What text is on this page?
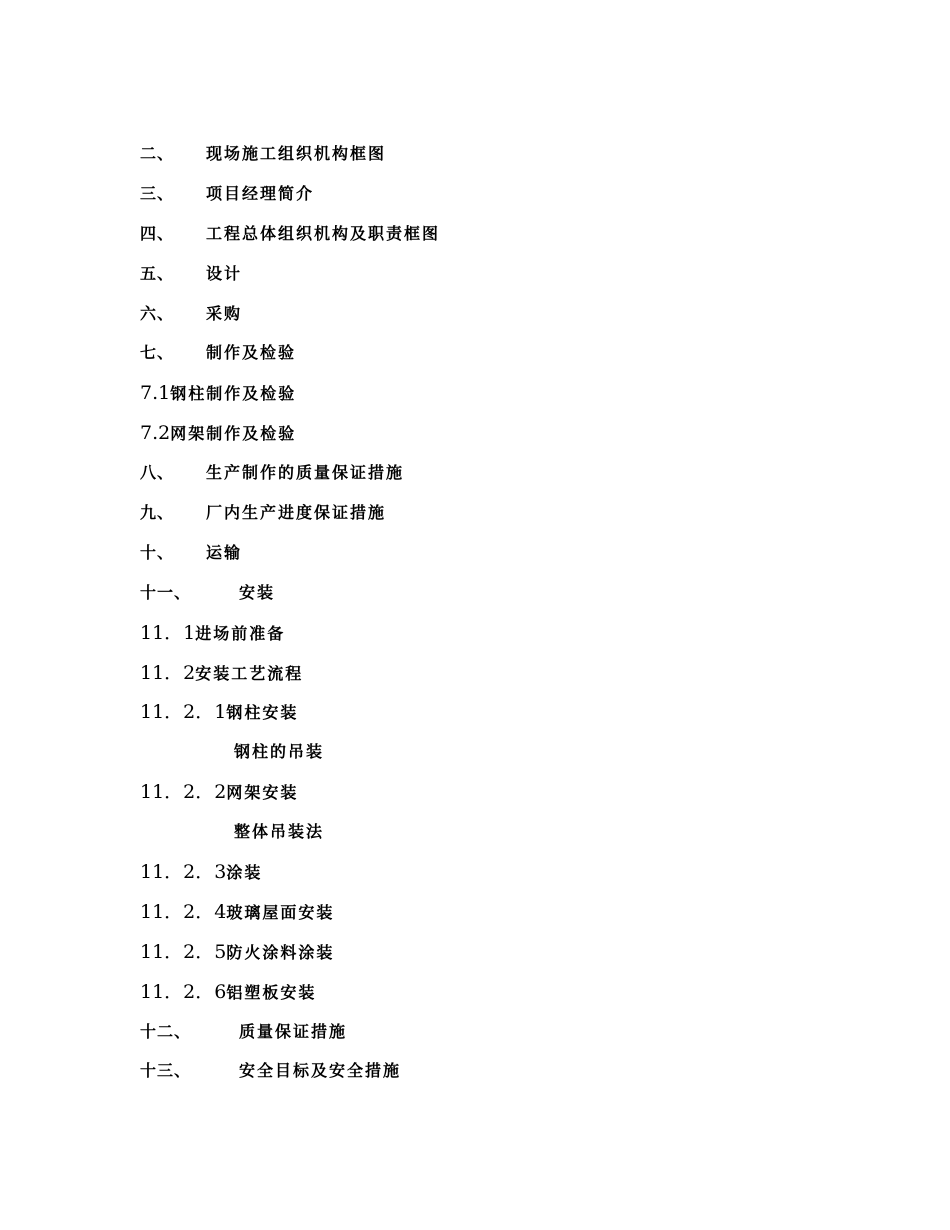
二、 现场施工组织机构框图
三、 项目经理简介
四、 工程总体组织机构及职责框图
五、 设计
六、 采购
七、 制作及检验
7.1钢柱制作及检验
7.2网架制作及检验
八、 生产制作的质量保证措施
九、 厂内生产进度保证措施
十、 运输
十一、	安装
11．1进场前准备
11．2安装工艺流程
11．2．1钢柱安装
钢柱的吊装
11．2．2网架安装
整体吊装法
11．2．3涂装
11．2．4玻璃屋面安装
11．2．5防火涂料涂装
11．2．6铝塑板安装
十二、	质量保证措施
十三、	安全目标及安全措施
